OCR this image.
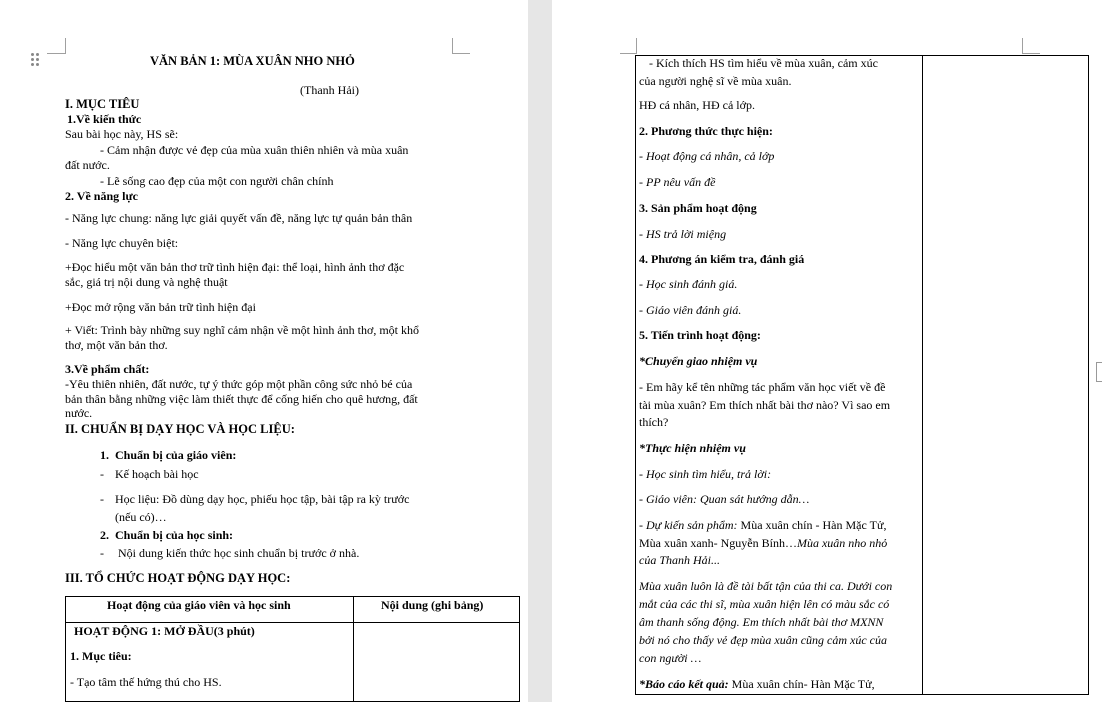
VĂN BẢN 1: MÙA XUÂN NHO NHỎ
(Thanh Hải)
I. MỤC TIÊU
1.Về kiến thức
Sau bài học này, HS sẽ:
- Cảm nhận được vẻ đẹp của mùa xuân thiên nhiên và mùa xuân
đất nước.
- Lẽ sống cao đẹp của một con người chân chính
2. Về năng lực
- Năng lực chung: năng lực giải quyết vấn đề, năng lực tự quản bản thân
- Năng lực chuyên biệt:
+Đọc hiểu một văn bản thơ trữ tình hiện đại: thể loại, hình ảnh thơ đặc
sắc, giá trị nội dung và nghệ thuật
+Đọc mở rộng văn bản trữ tình hiện đại
+ Viết: Trình bày những suy nghĩ cảm nhận về một hình ảnh thơ, một khổ
thơ, một văn bản thơ.
3.Về phẩm chất:
-Yêu thiên nhiên, đất nước, tự ý thức góp một phần công sức nhỏ bé của
bản thân bằng những việc làm thiết thực để cống hiến cho quê hương, đất
nước.
II. CHUẨN BỊ DẠY HỌC VÀ HỌC LIỆU:
1. Chuẩn bị của giáo viên:
- Kế hoạch bài học
- Học liệu: Đồ dùng dạy học, phiếu học tập, bài tập ra kỳ trước
(nếu có)…
2. Chuẩn bị của học sinh:
- Nội dung kiến thức học sinh chuẩn bị trước ở nhà.
III. TỔ CHỨC HOẠT ĐỘNG DẠY HỌC:
Hoạt động của giáo viên và học sinh	Nội dung (ghi bảng)
HOẠT ĐỘNG 1: MỞ ĐẦU(3 phút)
1. Mục tiêu:
- Tạo tâm thế hứng thú cho HS.
- Kích thích HS tìm hiểu về mùa xuân, cảm xúc
của người nghệ sĩ về mùa xuân.
HĐ cá nhân, HĐ cả lớp.
2. Phương thức thực hiện:
- Hoạt động cá nhân, cả lớp
- PP nêu vấn đề
3. Sản phẩm hoạt động
- HS trả lời miệng
4. Phương án kiểm tra, đánh giá
- Học sinh đánh giá.
- Giáo viên đánh giá.
5. Tiến trình hoạt động:
*Chuyển giao nhiệm vụ
- Em hãy kể tên những tác phẩm văn học viết về đề
tài mùa xuân? Em thích nhất bài thơ nào? Vì sao em
thích?
*Thực hiện nhiệm vụ
- Học sinh tìm hiểu, trả lời:
- Giáo viên: Quan sát hướng dẫn…
- Dự kiến sản phẩm: Mùa xuân chín - Hàn Mặc Tử,
Mùa xuân xanh- Nguyễn Bính…Mùa xuân nho nhỏ
của Thanh Hải...
Mùa xuân luôn là đề tài bất tận của thi ca. Dưới con
mắt của các thi sĩ, mùa xuân hiện lên có màu sắc có
âm thanh sống động. Em thích nhất bài thơ MXNN
bởi nó cho thấy vẻ đẹp mùa xuân cũng cảm xúc của
con người …
*Báo cáo kết quả: Mùa xuân chín- Hàn Mặc Tử,
